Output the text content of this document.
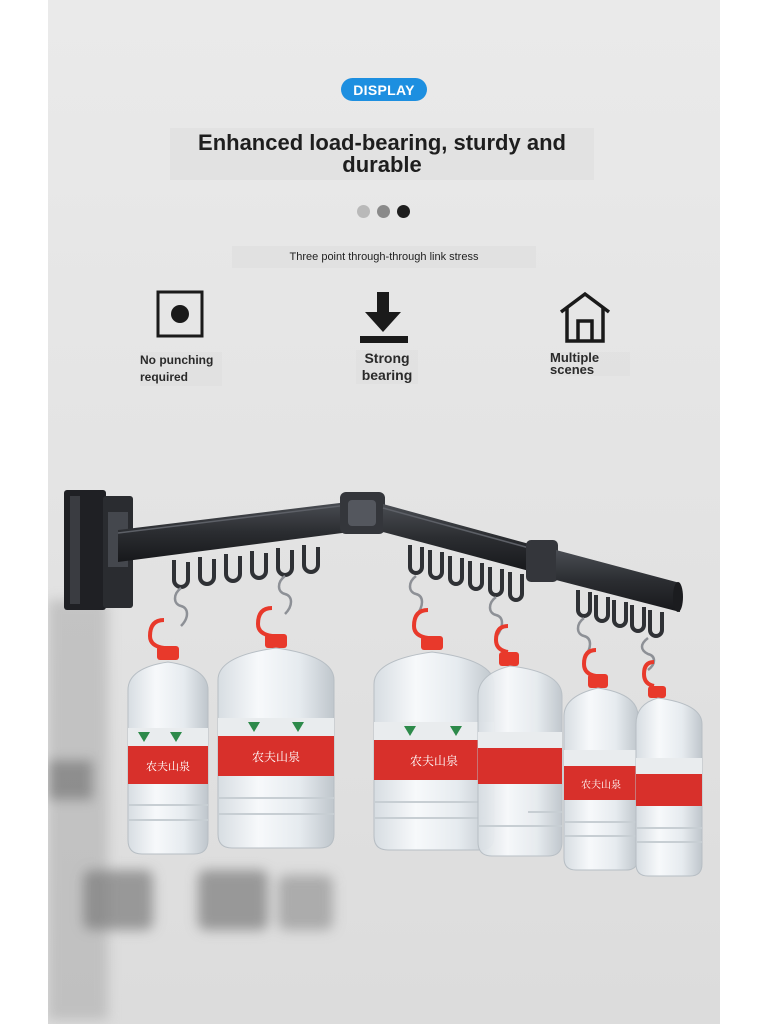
DISPLAY
Enhanced load-bearing, sturdy and durable
Three point through-through link stress
No punching required
Strong bearing
Multiple scenes
农夫山泉
农夫山泉	农夫山泉
农夫山泉
